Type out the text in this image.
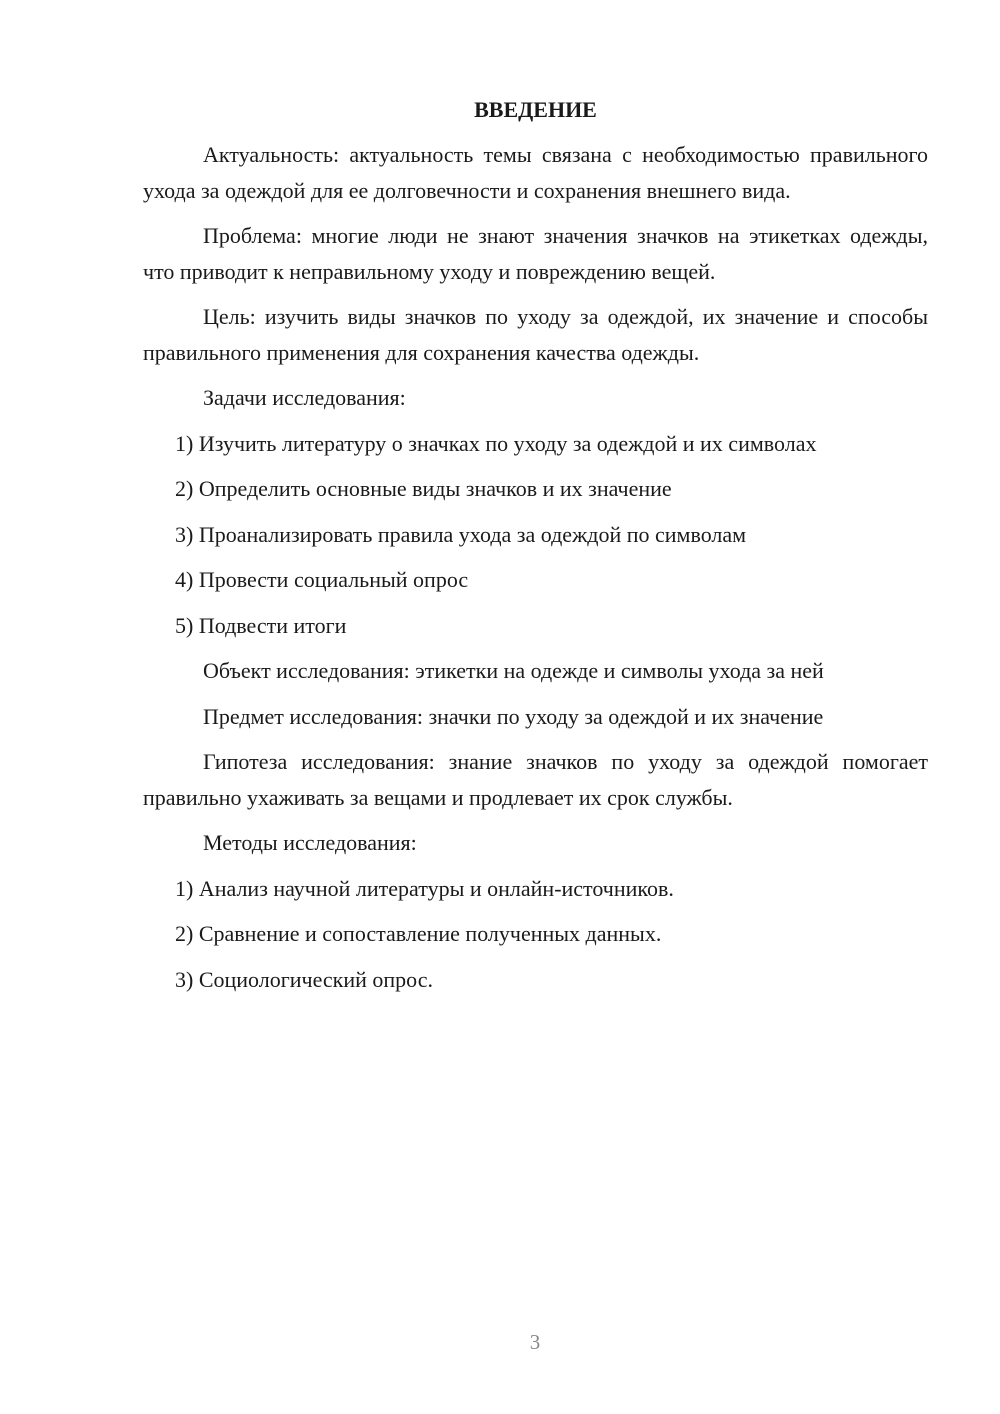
ВВЕДЕНИЕ

Актуальность: актуальность темы связана с необходимостью правильного ухода за одеждой для ее долговечности и сохранения внешнего вида.

Проблема: многие люди не знают значения значков на этикетках одежды, что приводит к неправильному уходу и повреждению вещей.

Цель: изучить виды значков по уходу за одеждой, их значение и способы правильного применения для сохранения качества одежды.

Задачи исследования:
1) Изучить литературу о значках по уходу за одеждой и их символах
2) Определить основные виды значков и их значение
3) Проанализировать правила ухода за одеждой по символам
4) Провести социальный опрос
5) Подвести итоги
Объект исследования: этикетки на одежде и символы ухода за ней
Предмет исследования: значки по уходу за одеждой и их значение

Гипотеза исследования: знание значков по уходу за одеждой помогает правильно ухаживать за вещами и продлевает их срок службы.

Методы исследования:
1) Анализ научной литературы и онлайн-источников.
2) Сравнение и сопоставление полученных данных.
3) Социологический опрос.
3
